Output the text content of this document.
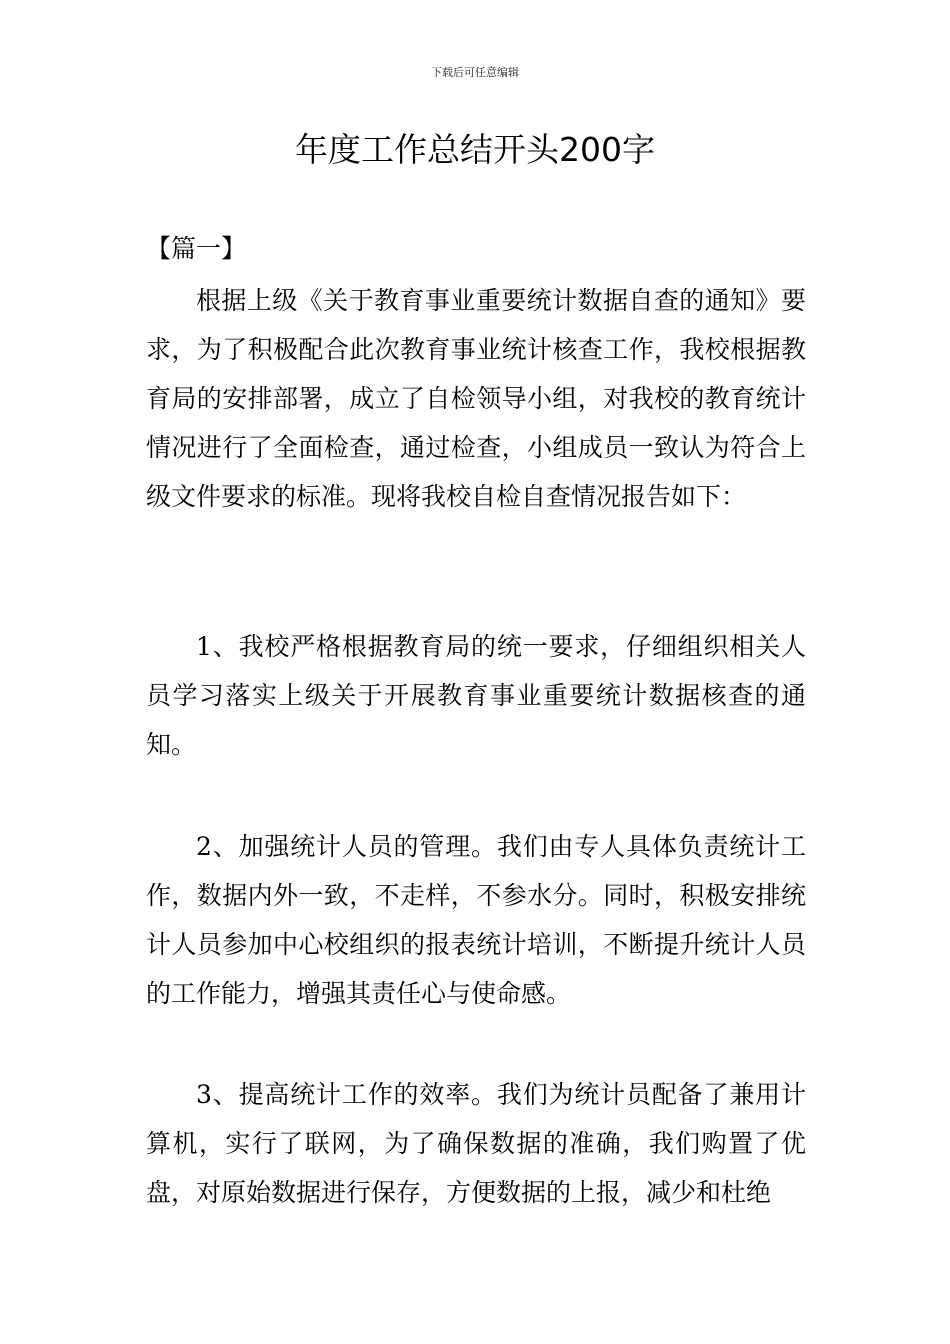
下载后可任意编辑
年度工作总结开头200字
【篇一】

根据上级《关于教育事业重要统计数据自查的通知》要求，为了积极配合此次教育事业统计核查工作，我校根据教育局的安排部署，成立了自检领导小组，对我校的教育统计情况进行了全面检查，通过检查，小组成员一致认为符合上级文件要求的标准。现将我校自检自查情况报告如下：

1、我校严格根据教育局的统一要求，仔细组织相关人员学习落实上级关于开展教育事业重要统计数据核查的通知。

2、加强统计人员的管理。我们由专人具体负责统计工作，数据内外一致，不走样，不参水分。同时，积极安排统计人员参加中心校组织的报表统计培训，不断提升统计人员的工作能力，增强其责任心与使命感。

3、提高统计工作的效率。我们为统计员配备了兼用计算机，实行了联网，为了确保数据的准确，我们购置了优盘，对原始数据进行保存，方便数据的上报，减少和杜绝
